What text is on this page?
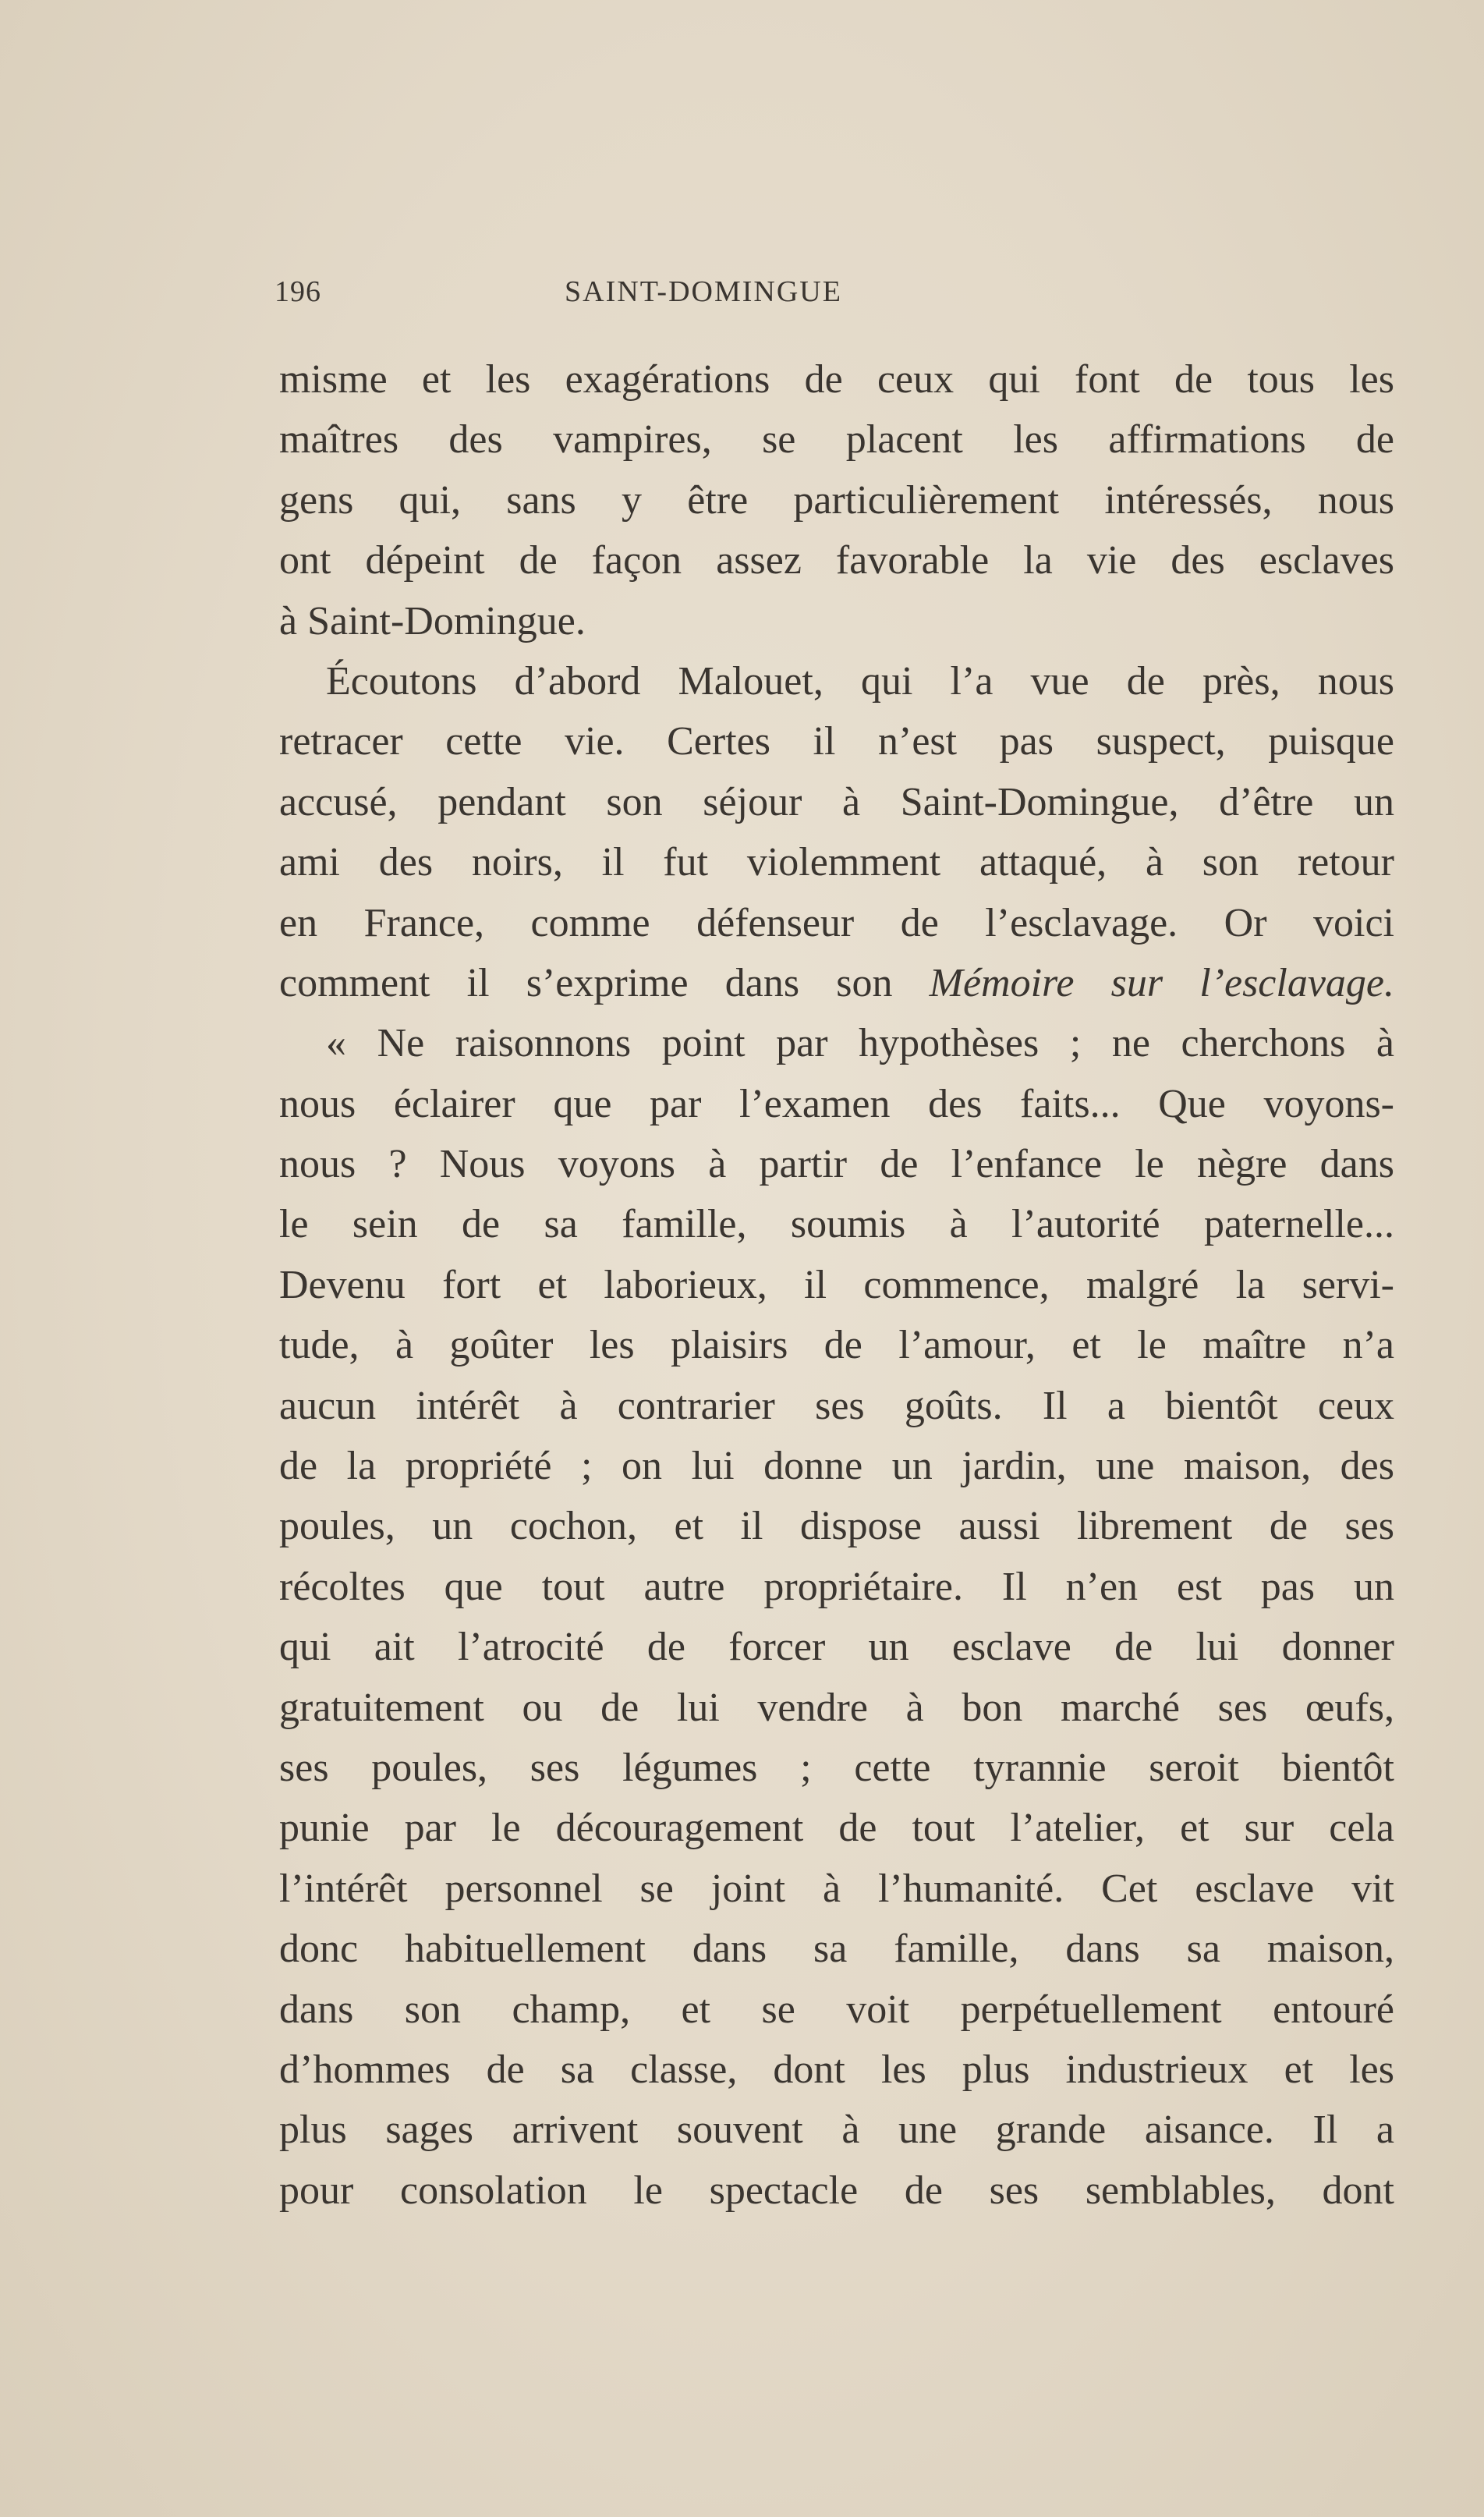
196	SAINT-DOMINGUE
misme et les exagérations de ceux qui font de tous les
maîtres des vampires, se placent les affirmations de
gens qui, sans y être particulièrement intéressés, nous
ont dépeint de façon assez favorable la vie des esclaves
à Saint-Domingue.
Écoutons d’abord Malouet, qui l’a vue de près, nous
retracer cette vie. Certes il n’est pas suspect, puisque
accusé, pendant son séjour à Saint-Domingue, d’être un
ami des noirs, il fut violemment attaqué, à son retour
en France, comme défenseur de l’esclavage. Or voici
comment il s’exprime dans son Mémoire sur l’esclavage.
« Ne raisonnons point par hypothèses ; ne cherchons à
nous éclairer que par l’examen des faits... Que voyons-
nous ? Nous voyons à partir de l’enfance le nègre dans
le sein de sa famille, soumis à l’autorité paternelle...
Devenu fort et laborieux, il commence, malgré la servi-
tude, à goûter les plaisirs de l’amour, et le maître n’a
aucun intérêt à contrarier ses goûts. Il a bientôt ceux
de la propriété ; on lui donne un jardin, une maison, des
poules, un cochon, et il dispose aussi librement de ses
récoltes que tout autre propriétaire. Il n’en est pas un
qui ait l’atrocité de forcer un esclave de lui donner
gratuitement ou de lui vendre à bon marché ses œufs,
ses poules, ses légumes ; cette tyrannie seroit bientôt
punie par le découragement de tout l’atelier, et sur cela
l’intérêt personnel se joint à l’humanité. Cet esclave vit
donc habituellement dans sa famille, dans sa maison,
dans son champ, et se voit perpétuellement entouré
d’hommes de sa classe, dont les plus industrieux et les
plus sages arrivent souvent à une grande aisance. Il a
pour consolation le spectacle de ses semblables, dont
